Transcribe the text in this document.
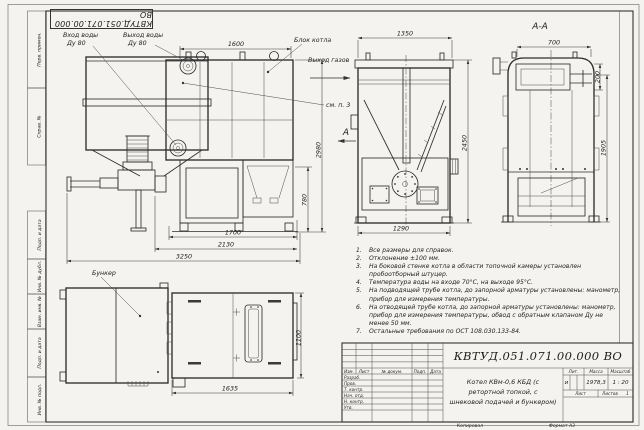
Перв. примен.
Справ. №
Подп. и дата
Инв. № дубл.
Взам. инв. №
Подп. и дата
Инв. № подл.
1600
2980
780
1700
2130
3250
Вход воды
Ду 80
Выход воды
Ду 80	Блок котла
см. п. 3
Выход газов
1350
1290
2450
А
А-А
700
200
1905
Бункер
1635
1100
КВТУД.051.071.00.000 ВО
1.	Все размеры для справок.
2.	Отклонение ±100 мм.
3.	На боковой стенке котла в области топочной камеры установлен пробоотборный штуцер.
4.	Температура воды на входе 70°С, на выходе 95°С.
5.	На подводящей трубе котла, до запорной арматуры установлены: манометр, прибор для измерения температуры.
6.	На отводящей трубе котла, до запорной арматуры установлены: манометр, прибор для измерения температуры, обвод с обратным клапаном Ду не менее 50 мм.
7.	Остальные требования по ОСТ 108.030.133-84.
КВТУД.051.071.00.000 ВО
Котел КВм-0,6 КБД (с
ретортной топкой, с
шнековой подачей и бункером)
Изм.	Лист	№ докум.	Подп. Дата
Разраб.
Пров.
Т. контр.
Нач. отд.
Н. контр.
Утв.
Лит.	Масса	Масштаб
и	1978,3	1 : 20
Лист	Листов	1
Копировал	Формат А3
